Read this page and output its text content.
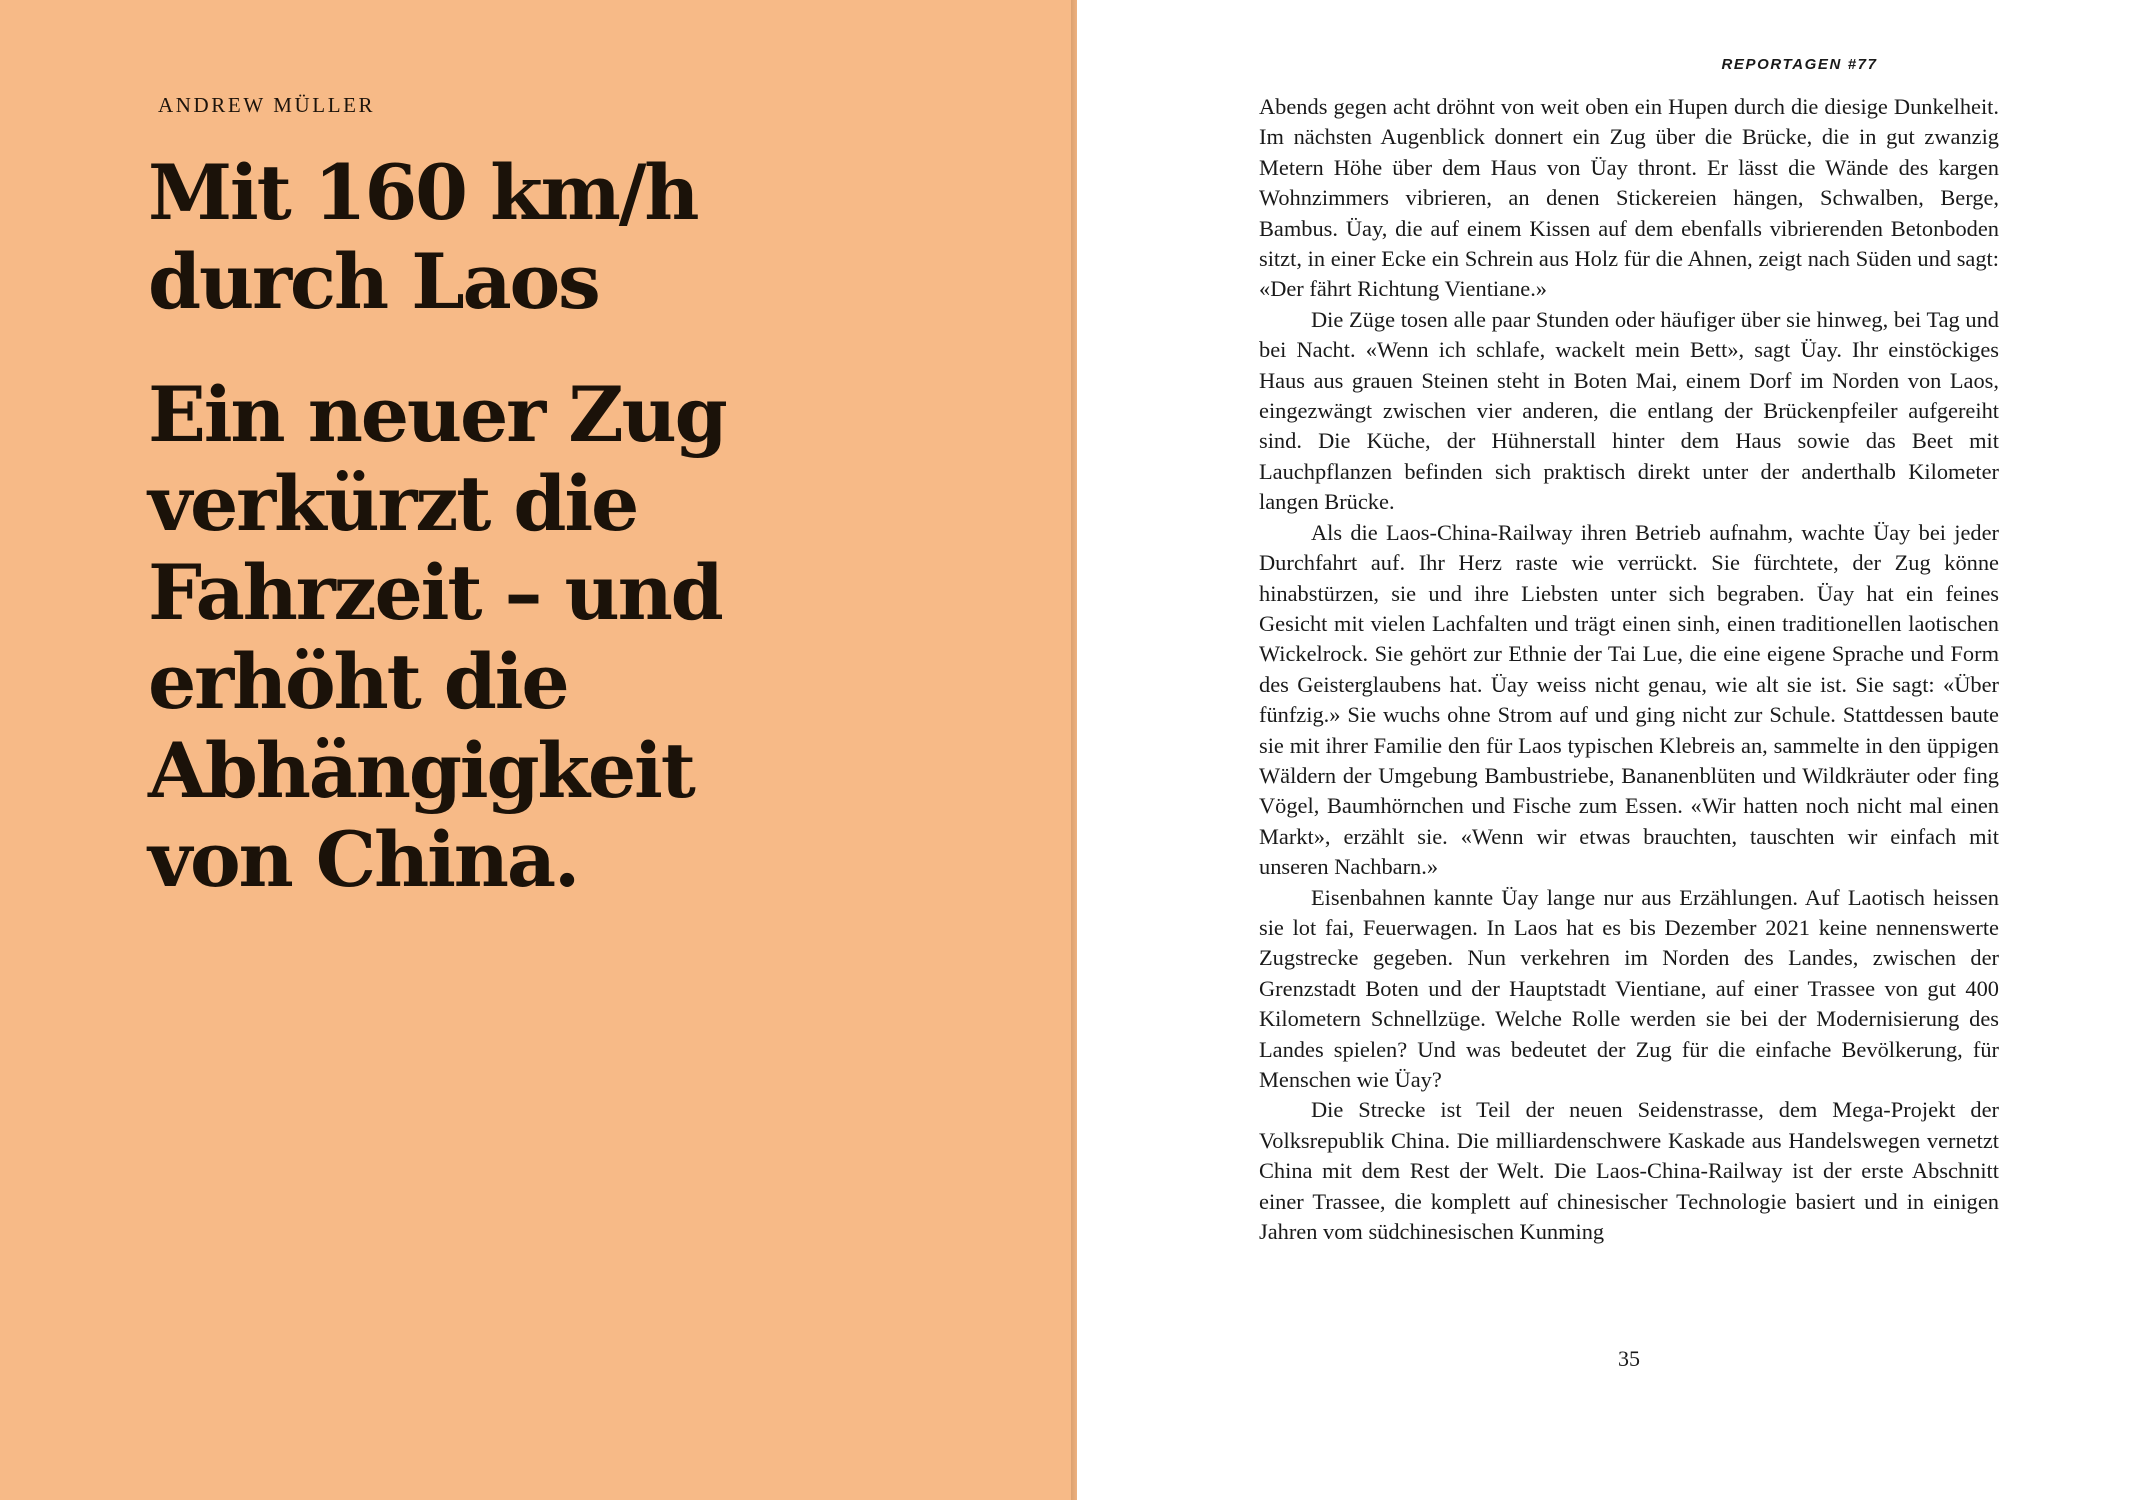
ANDREW MÜLLER
Mit 160 km/h
durch Laos
Ein neuer Zug
verkürzt die
Fahrzeit – und
erhöht die
Abhängigkeit
von China.
REPORTAGEN #77

Abends gegen acht dröhnt von weit oben ein Hupen durch die diesige Dunkelheit. Im nächsten Augenblick donnert ein Zug über die Brücke, die in gut zwanzig Metern Höhe über dem Haus von Üay thront. Er lässt die Wände des kargen Wohnzimmers vibrieren, an denen Stickereien hängen, Schwalben, Berge, Bambus. Üay, die auf einem Kissen auf dem ebenfalls vibrierenden Betonboden sitzt, in einer Ecke ein Schrein aus Holz für die Ahnen, zeigt nach Süden und sagt: «Der fährt Richtung Vientiane.»

Die Züge tosen alle paar Stunden oder häufiger über sie hinweg, bei Tag und bei Nacht. «Wenn ich schlafe, wackelt mein Bett», sagt Üay. Ihr einstöckiges Haus aus grauen Steinen steht in Boten Mai, einem Dorf im Norden von Laos, eingezwängt zwischen vier anderen, die entlang der Brückenpfeiler aufgereiht sind. Die Küche, der Hühnerstall hinter dem Haus sowie das Beet mit Lauchpflanzen befinden sich praktisch direkt unter der anderthalb Kilometer langen Brücke.

Als die Laos-China-Railway ihren Betrieb aufnahm, wachte Üay bei jeder Durchfahrt auf. Ihr Herz raste wie verrückt. Sie fürchtete, der Zug könne hinabstürzen, sie und ihre Liebsten unter sich begraben. Üay hat ein feines Gesicht mit vielen Lachfalten und trägt einen sinh, einen traditionellen laotischen Wickelrock. Sie gehört zur Ethnie der Tai Lue, die eine eigene Sprache und Form des Geisterglaubens hat. Üay weiss nicht genau, wie alt sie ist. Sie sagt: «Über fünfzig.» Sie wuchs ohne Strom auf und ging nicht zur Schule. Stattdessen baute sie mit ihrer Familie den für Laos typischen Klebreis an, sammelte in den üppigen Wäldern der Umgebung Bambustriebe, Bananenblüten und Wildkräuter oder fing Vögel, Baumhörnchen und Fische zum Essen. «Wir hatten noch nicht mal einen Markt», erzählt sie. «Wenn wir etwas brauchten, tauschten wir einfach mit unseren Nachbarn.»

Eisenbahnen kannte Üay lange nur aus Erzählungen. Auf Laotisch heissen sie lot fai, Feuerwagen. In Laos hat es bis Dezember 2021 keine nennenswerte Zugstrecke gegeben. Nun verkehren im Norden des Landes, zwischen der Grenzstadt Boten und der Hauptstadt Vientiane, auf einer Trassee von gut 400 Kilometern Schnellzüge. Welche Rolle werden sie bei der Modernisierung des Landes spielen? Und was bedeutet der Zug für die einfache Bevölkerung, für Menschen wie Üay?

Die Strecke ist Teil der neuen Seidenstrasse, dem Mega-Projekt der Volksrepublik China. Die milliardenschwere Kaskade aus Handelswegen vernetzt China mit dem Rest der Welt. Die Laos-China-Railway ist der erste Abschnitt einer Trassee, die komplett auf chinesischer Technologie basiert und in einigen Jahren vom südchinesischen Kunming

35
